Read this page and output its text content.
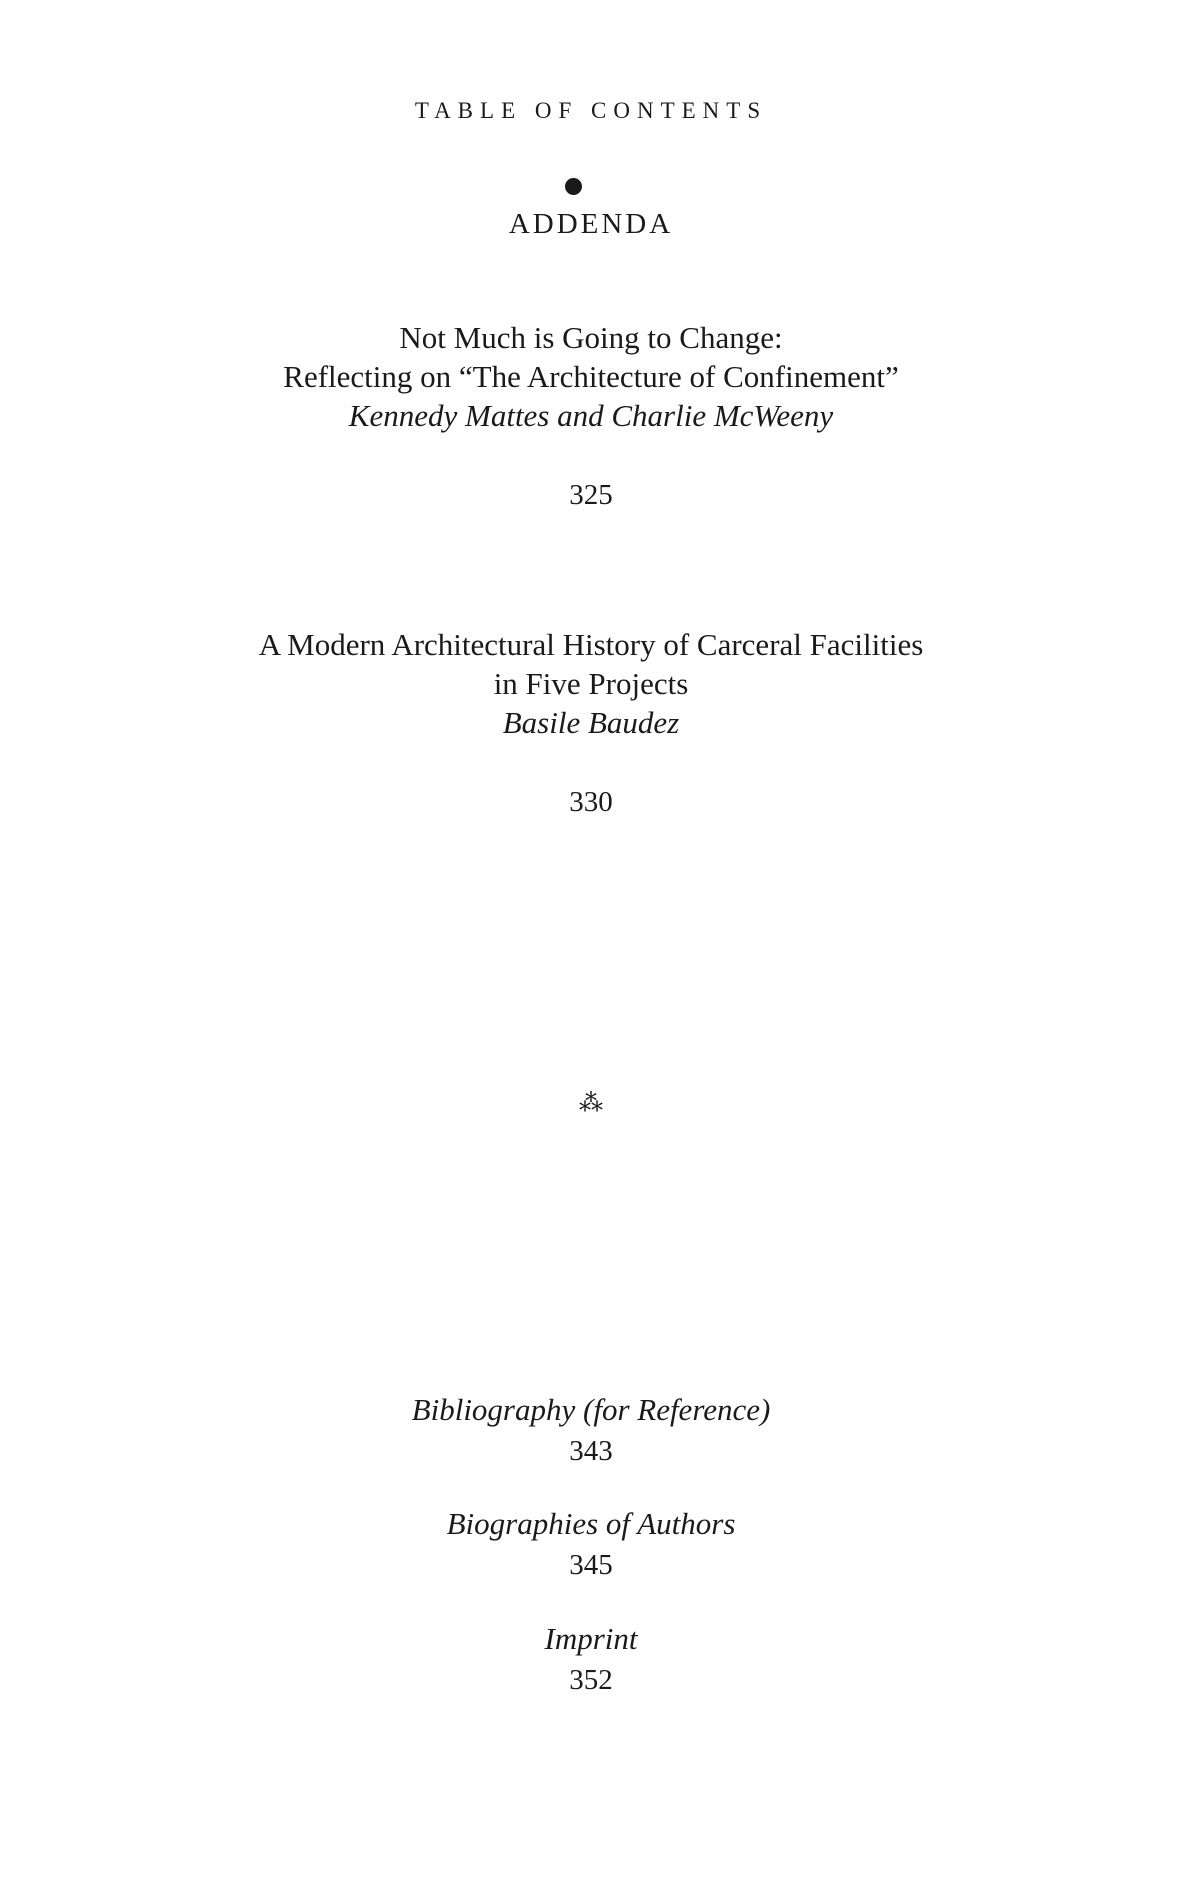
TABLE OF CONTENTS
ADDENDA
Not Much is Going to Change:
Reflecting on “The Architecture of Confinement”
Kennedy Mattes and Charlie McWeeny
325
A Modern Architectural History of Carceral Facilities
in Five Projects
Basile Baudez
330
⁂
Bibliography (for Reference)
343
Biographies of Authors
345
Imprint
352
